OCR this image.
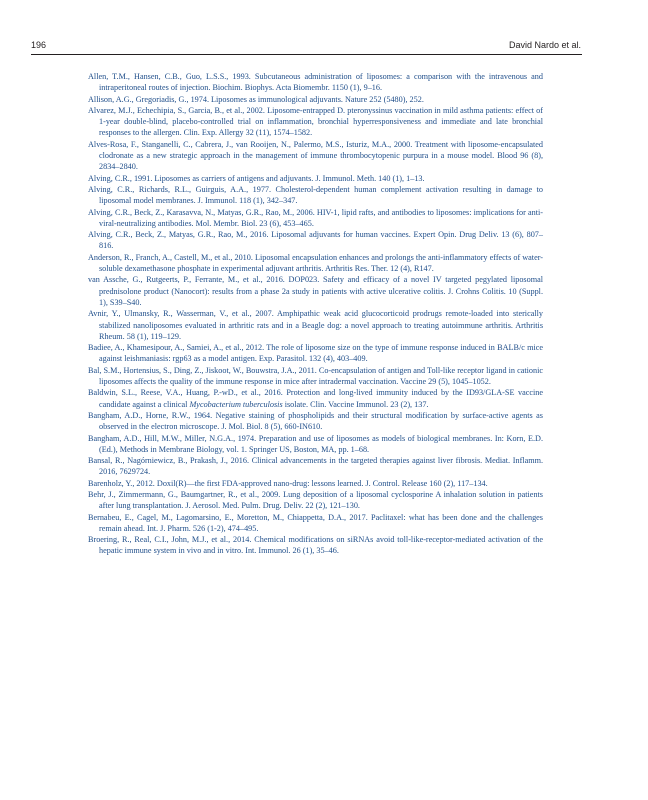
196	David Nardo et al.

Allen, T.M., Hansen, C.B., Guo, L.S.S., 1993. Subcutaneous administration of liposomes: a comparison with the intravenous and intraperitoneal routes of injection. Biochim. Biophys. Acta Biomembr. 1150 (1), 9–16.

Allison, A.G., Gregoriadis, G., 1974. Liposomes as immunological adjuvants. Nature 252 (5480), 252.

Alvarez, M.J., Echechipia, S., Garcia, B., et al., 2002. Liposome-entrapped D. pteronyssinus vaccination in mild asthma patients: effect of 1-year double-blind, placebo-controlled trial on inflammation, bronchial hyperresponsiveness and immediate and late bronchial responses to the allergen. Clin. Exp. Allergy 32 (11), 1574–1582.

Alves-Rosa, F., Stanganelli, C., Cabrera, J., van Rooijen, N., Palermo, M.S., Isturiz, M.A., 2000. Treatment with liposome-encapsulated clodronate as a new strategic approach in the management of immune thrombocytopenic purpura in a mouse model. Blood 96 (8), 2834–2840.

Alving, C.R., 1991. Liposomes as carriers of antigens and adjuvants. J. Immunol. Meth. 140 (1), 1–13.

Alving, C.R., Richards, R.L., Guirguis, A.A., 1977. Cholesterol-dependent human complement activation resulting in damage to liposomal model membranes. J. Immunol. 118 (1), 342–347.

Alving, C.R., Beck, Z., Karasavva, N., Matyas, G.R., Rao, M., 2006. HIV-1, lipid rafts, and antibodies to liposomes: implications for anti-viral-neutralizing antibodies. Mol. Membr. Biol. 23 (6), 453–465.

Alving, C.R., Beck, Z., Matyas, G.R., Rao, M., 2016. Liposomal adjuvants for human vaccines. Expert Opin. Drug Deliv. 13 (6), 807–816.

Anderson, R., Franch, A., Castell, M., et al., 2010. Liposomal encapsulation enhances and prolongs the anti-inflammatory effects of water-soluble dexamethasone phosphate in experimental adjuvant arthritis. Arthritis Res. Ther. 12 (4), R147.

van Assche, G., Rutgeerts, P., Ferrante, M., et al., 2016. DOP023. Safety and efficacy of a novel IV targeted pegylated liposomal prednisolone product (Nanocort): results from a phase 2a study in patients with active ulcerative colitis. J. Crohns Colitis. 10 (Suppl. 1), S39–S40.

Avnir, Y., Ulmansky, R., Wasserman, V., et al., 2007. Amphipathic weak acid glucocorticoid prodrugs remote-loaded into sterically stabilized nanoliposomes evaluated in arthritic rats and in a Beagle dog: a novel approach to treating autoimmune arthritis. Arthritis Rheum. 58 (1), 119–129.

Badiee, A., Khamesipour, A., Samiei, A., et al., 2012. The role of liposome size on the type of immune response induced in BALB/c mice against leishmaniasis: rgp63 as a model antigen. Exp. Parasitol. 132 (4), 403–409.

Bal, S.M., Hortensius, S., Ding, Z., Jiskoot, W., Bouwstra, J.A., 2011. Co-encapsulation of antigen and Toll-like receptor ligand in cationic liposomes affects the quality of the immune response in mice after intradermal vaccination. Vaccine 29 (5), 1045–1052.

Baldwin, S.L., Reese, V.A., Huang, P.-wD., et al., 2016. Protection and long-lived immunity induced by the ID93/GLA-SE vaccine candidate against a clinical Mycobacterium tuberculosis isolate. Clin. Vaccine Immunol. 23 (2), 137.

Bangham, A.D., Horne, R.W., 1964. Negative staining of phospholipids and their structural modification by surface-active agents as observed in the electron microscope. J. Mol. Biol. 8 (5), 660-IN610.

Bangham, A.D., Hill, M.W., Miller, N.G.A., 1974. Preparation and use of liposomes as models of biological membranes. In: Korn, E.D. (Ed.), Methods in Membrane Biology, vol. 1. Springer US, Boston, MA, pp. 1–68.

Bansal, R., Nagórniewicz, B., Prakash, J., 2016. Clinical advancements in the targeted therapies against liver fibrosis. Mediat. Inflamm. 2016, 7629724.

Barenholz, Y., 2012. Doxil(R)—the first FDA-approved nano-drug: lessons learned. J. Control. Release 160 (2), 117–134.

Behr, J., Zimmermann, G., Baumgartner, R., et al., 2009. Lung deposition of a liposomal cyclosporine A inhalation solution in patients after lung transplantation. J. Aerosol. Med. Pulm. Drug. Deliv. 22 (2), 121–130.

Bernabeu, E., Cagel, M., Lagomarsino, E., Moretton, M., Chiappetta, D.A., 2017. Paclitaxel: what has been done and the challenges remain ahead. Int. J. Pharm. 526 (1-2), 474–495.

Broering, R., Real, C.I., John, M.J., et al., 2014. Chemical modifications on siRNAs avoid toll-like-receptor-mediated activation of the hepatic immune system in vivo and in vitro. Int. Immunol. 26 (1), 35–46.
